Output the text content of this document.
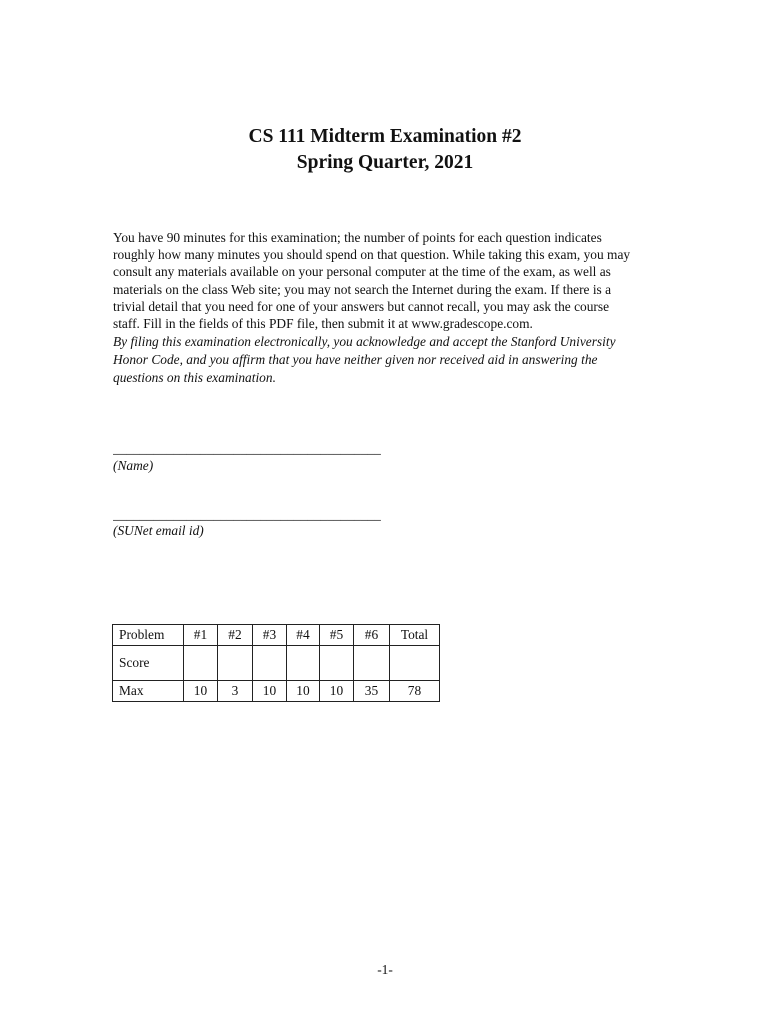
CS 111 Midterm Examination #2
Spring Quarter, 2021
You have 90 minutes for this examination; the number of points for each question indicates roughly how many minutes you should spend on that question. While taking this exam, you may consult any materials available on your personal computer at the time of the exam, as well as materials on the class Web site; you may not search the Internet during the exam. If there is a trivial detail that you need for one of your answers but cannot recall, you may ask the course staff. Fill in the fields of this PDF file, then submit it at www.gradescope.com.
By filing this examination electronically, you acknowledge and accept the Stanford University Honor Code, and you affirm that you have neither given nor received aid in answering the questions on this examination.
________________________________________
(Name)
________________________________________
(SUNet email id)
Problem	#1	#2	#3	#4	#5	#6	Total
Score							
Max	10	3	10	10	10	35	78
-1-
